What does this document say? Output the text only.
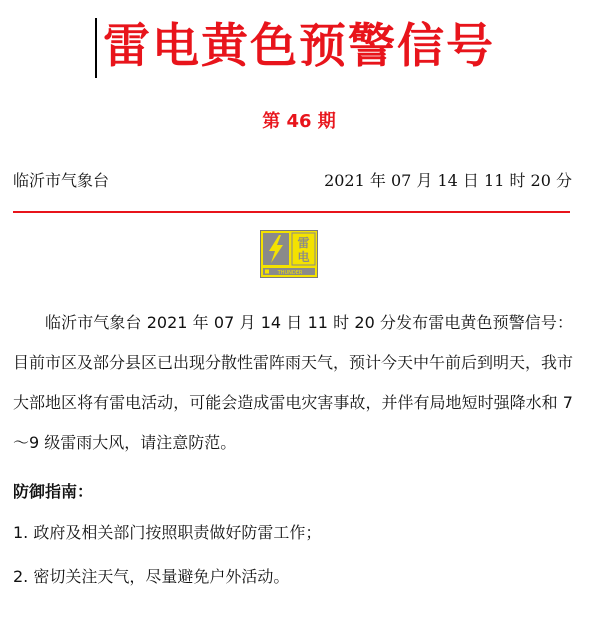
雷电黄色预警信号
第 46 期
临沂市气象台	2021 年 07 月 14 日 11 时 20 分
雷
电
THUNDER
临沂市气象台 2021 年 07 月 14 日 11 时 20 分发布雷电黄色预警信号：目前市区及部分县区已出现分散性雷阵雨天气，预计今天中午前后到明天，我市大部地区将有雷电活动，可能会造成雷电灾害事故，并伴有局地短时强降水和 7～9 级雷雨大风，请注意防范。
防御指南：
1. 政府及相关部门按照职责做好防雷工作；
2. 密切关注天气，尽量避免户外活动。
